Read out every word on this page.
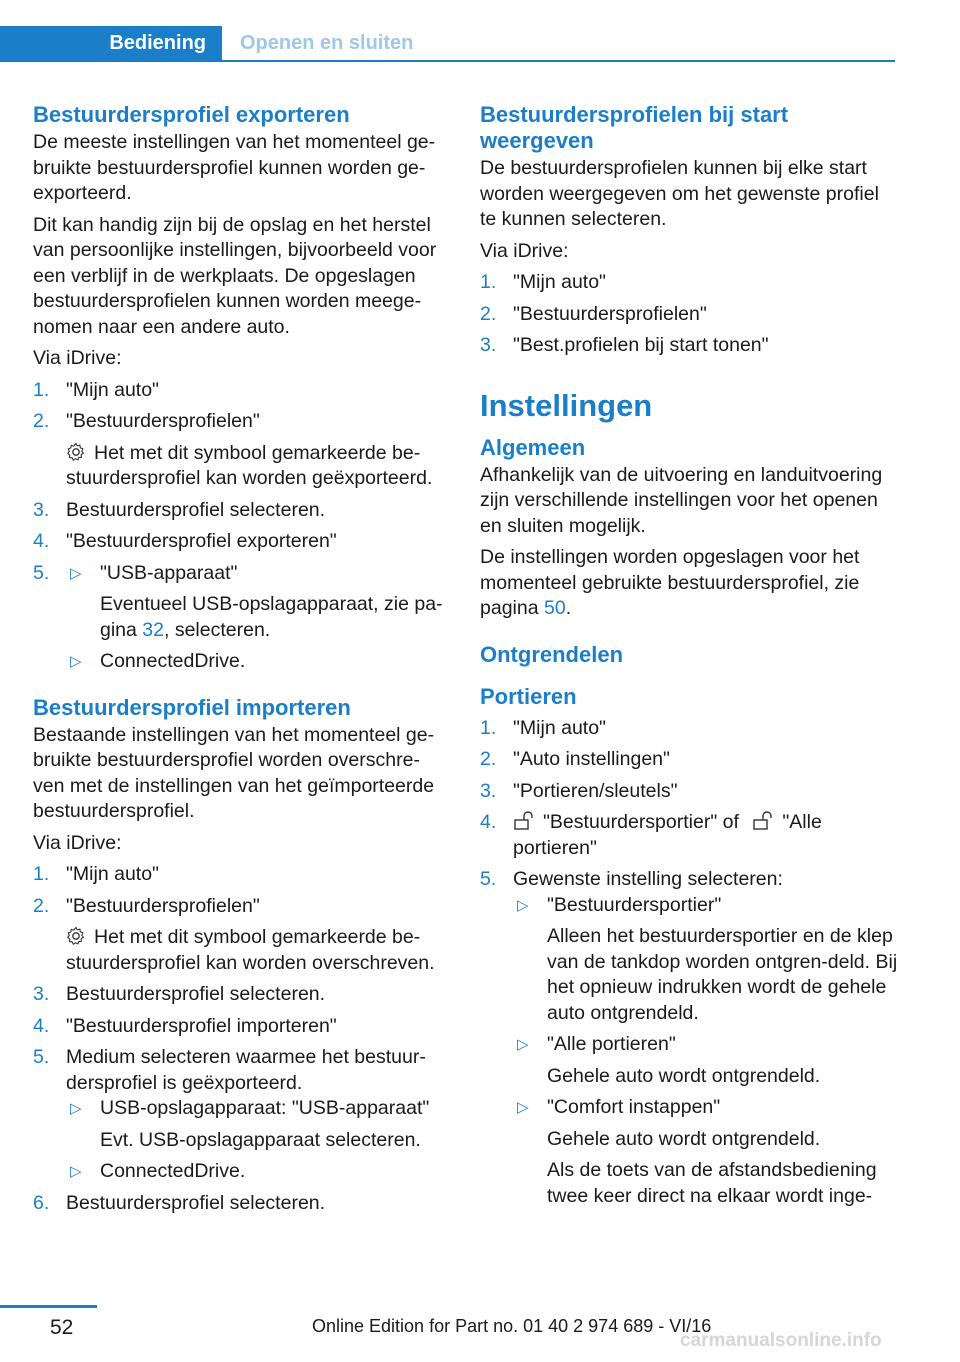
Bediening	Openen en sluiten
Bestuurdersprofiel exporteren

De meeste instellingen van het momenteel ge-bruikte bestuurdersprofiel kunnen worden ge-exporteerd.

Dit kan handig zijn bij de opslag en het herstel van persoonlijke instellingen, bijvoorbeeld voor een verblijf in de werkplaats. De opgeslagen bestuurdersprofielen kunnen worden meege-nomen naar een andere auto.

Via iDrive:

1. "Mijn auto"
2. "Bestuurdersprofielen"
Het met dit symbool gemarkeerde be-stuurdersprofiel kan worden geëxporteerd.
3. Bestuurdersprofiel selecteren.
4. "Bestuurdersprofiel exporteren"
5. ▷ "USB-apparaat"
Eventueel USB-opslagapparaat, zie pa-gina 32, selecteren.
▷ ConnectedDrive.
Bestuurdersprofiel importeren

Bestaande instellingen van het momenteel ge-bruikte bestuurdersprofiel worden overschre-ven met de instellingen van het geïmporteerde bestuurdersprofiel.

Via iDrive:

1. "Mijn auto"
2. "Bestuurdersprofielen"
Het met dit symbool gemarkeerde be-stuurdersprofiel kan worden overschreven.
3. Bestuurdersprofiel selecteren.
4. "Bestuurdersprofiel importeren"
5. Medium selecteren waarmee het bestuur-dersprofiel is geëxporteerd.
▷ USB-opslagapparaat: "USB-apparaat"
Evt. USB-opslagapparaat selecteren.
▷ ConnectedDrive.
6. Bestuurdersprofiel selecteren.
Bestuurdersprofielen bij start weergeven

De bestuurdersprofielen kunnen bij elke start worden weergegeven om het gewenste profiel te kunnen selecteren.

Via iDrive:

1. "Mijn auto"
2. "Bestuurdersprofielen"
3. "Best.profielen bij start tonen"
Instellingen
Algemeen

Afhankelijk van de uitvoering en landuitvoering zijn verschillende instellingen voor het openen en sluiten mogelijk.

De instellingen worden opgeslagen voor het momenteel gebruikte bestuurdersprofiel, zie pagina 50.

Ontgrendelen
Portieren
1. "Mijn auto"
2. "Auto instellingen"
3. "Portieren/sleutels"
4. "Bestuurdersportier" of "Alle portieren"
5. Gewenste instelling selecteren:
▷ "Bestuurdersportier"
Alleen het bestuurdersportier en de klep van de tankdop worden ontgren-deld. Bij het opnieuw indrukken wordt de gehele auto ontgrendeld.
▷ "Alle portieren"
Gehele auto wordt ontgrendeld.
▷ "Comfort instappen"
Gehele auto wordt ontgrendeld.
Als de toets van de afstandsbediening twee keer direct na elkaar wordt inge-
52	Online Edition for Part no. 01 40 2 974 689 - VI/16
carmanualsonline.info
